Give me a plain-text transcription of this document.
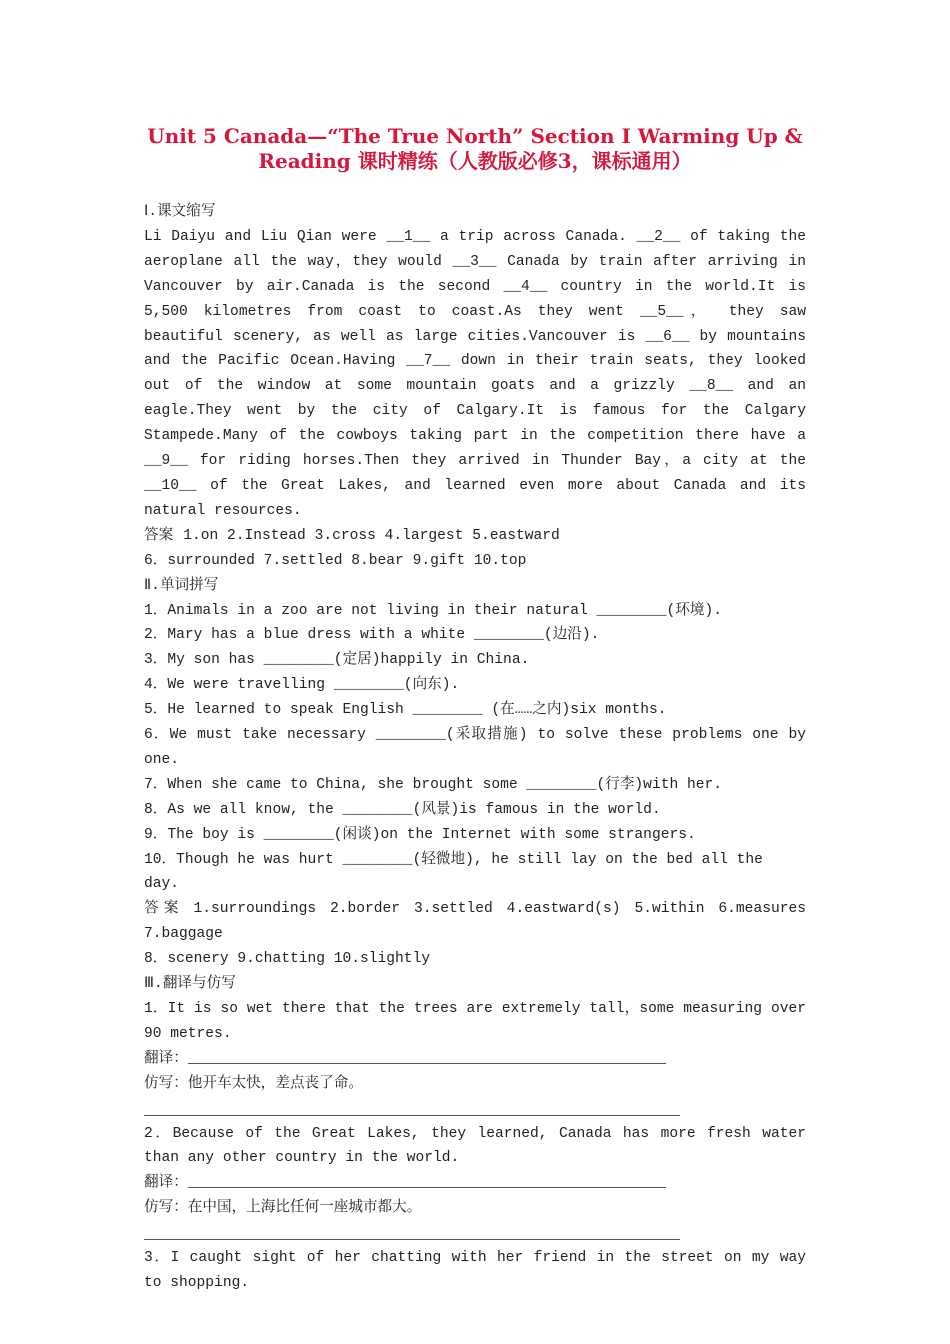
Unit 5 Canada—“The True North” Section Ⅰ Warming Up &
Reading 课时精练（人教版必修3，课标通用）

Ⅰ.课文缩写

Li Daiyu and Liu Qian were __1__ a trip across Canada. __2__ of taking the aeroplane all the way，they would __3__ Canada by train after arriving in Vancouver by air.Canada is the second __4__ country in the world.It is 5,500 kilometres from coast to coast.As they went __5__， they saw beautiful scenery, as well as large cities.Vancouver is __6__ by mountains and the Pacific Ocean.Having __7__ down in their train seats, they looked out of the window at some mountain goats and a grizzly __8__ and an eagle.They went by the city of Calgary.It is famous for the Calgary Stampede.Many of the cowboys taking part in the competition there have a __9__ for riding horses.Then they arrived in Thunder Bay，a city at the __10__ of the Great Lakes, and learned even more about Canada and its natural resources.

答案 1.on 2.Instead 3.cross 4.largest 5.eastward

6．surrounded 7.settled 8.bear 9.gift 10.top

Ⅱ.单词拼写

1．Animals in a zoo are not living in their natural ________(环境).

2．Mary has a blue dress with a white ________(边沿).

3．My son has ________(定居)happily in China.

4．We were travelling ________(向东).

5．He learned to speak English ________ (在……之内)six months.

6．We must take necessary ________(采取措施) to solve these problems one by one.

7．When she came to China, she brought some ________(行李)with her.

8．As we all know, the ________(风景)is famous in the world.

9．The boy is ________(闲谈)on the Internet with some strangers.

10．Though he was hurt ________(轻微地), he still lay on the bed all the day.

答案 1.surroundings 2.border 3.settled 4.eastward(s) 5.within 6.measures 7.baggage

8．scenery 9.chatting 10.slightly

Ⅲ.翻译与仿写

1．It is so wet there that the trees are extremely tall，some measuring over 90 metres.

翻译：

仿写：他开车太快，差点丧了命。

2．Because of the Great Lakes, they learned, Canada has more fresh water than any other country in the world.

翻译：

仿写：在中国，上海比任何一座城市都大。

3．I caught sight of her chatting with her friend in the street on my way to shopping.
